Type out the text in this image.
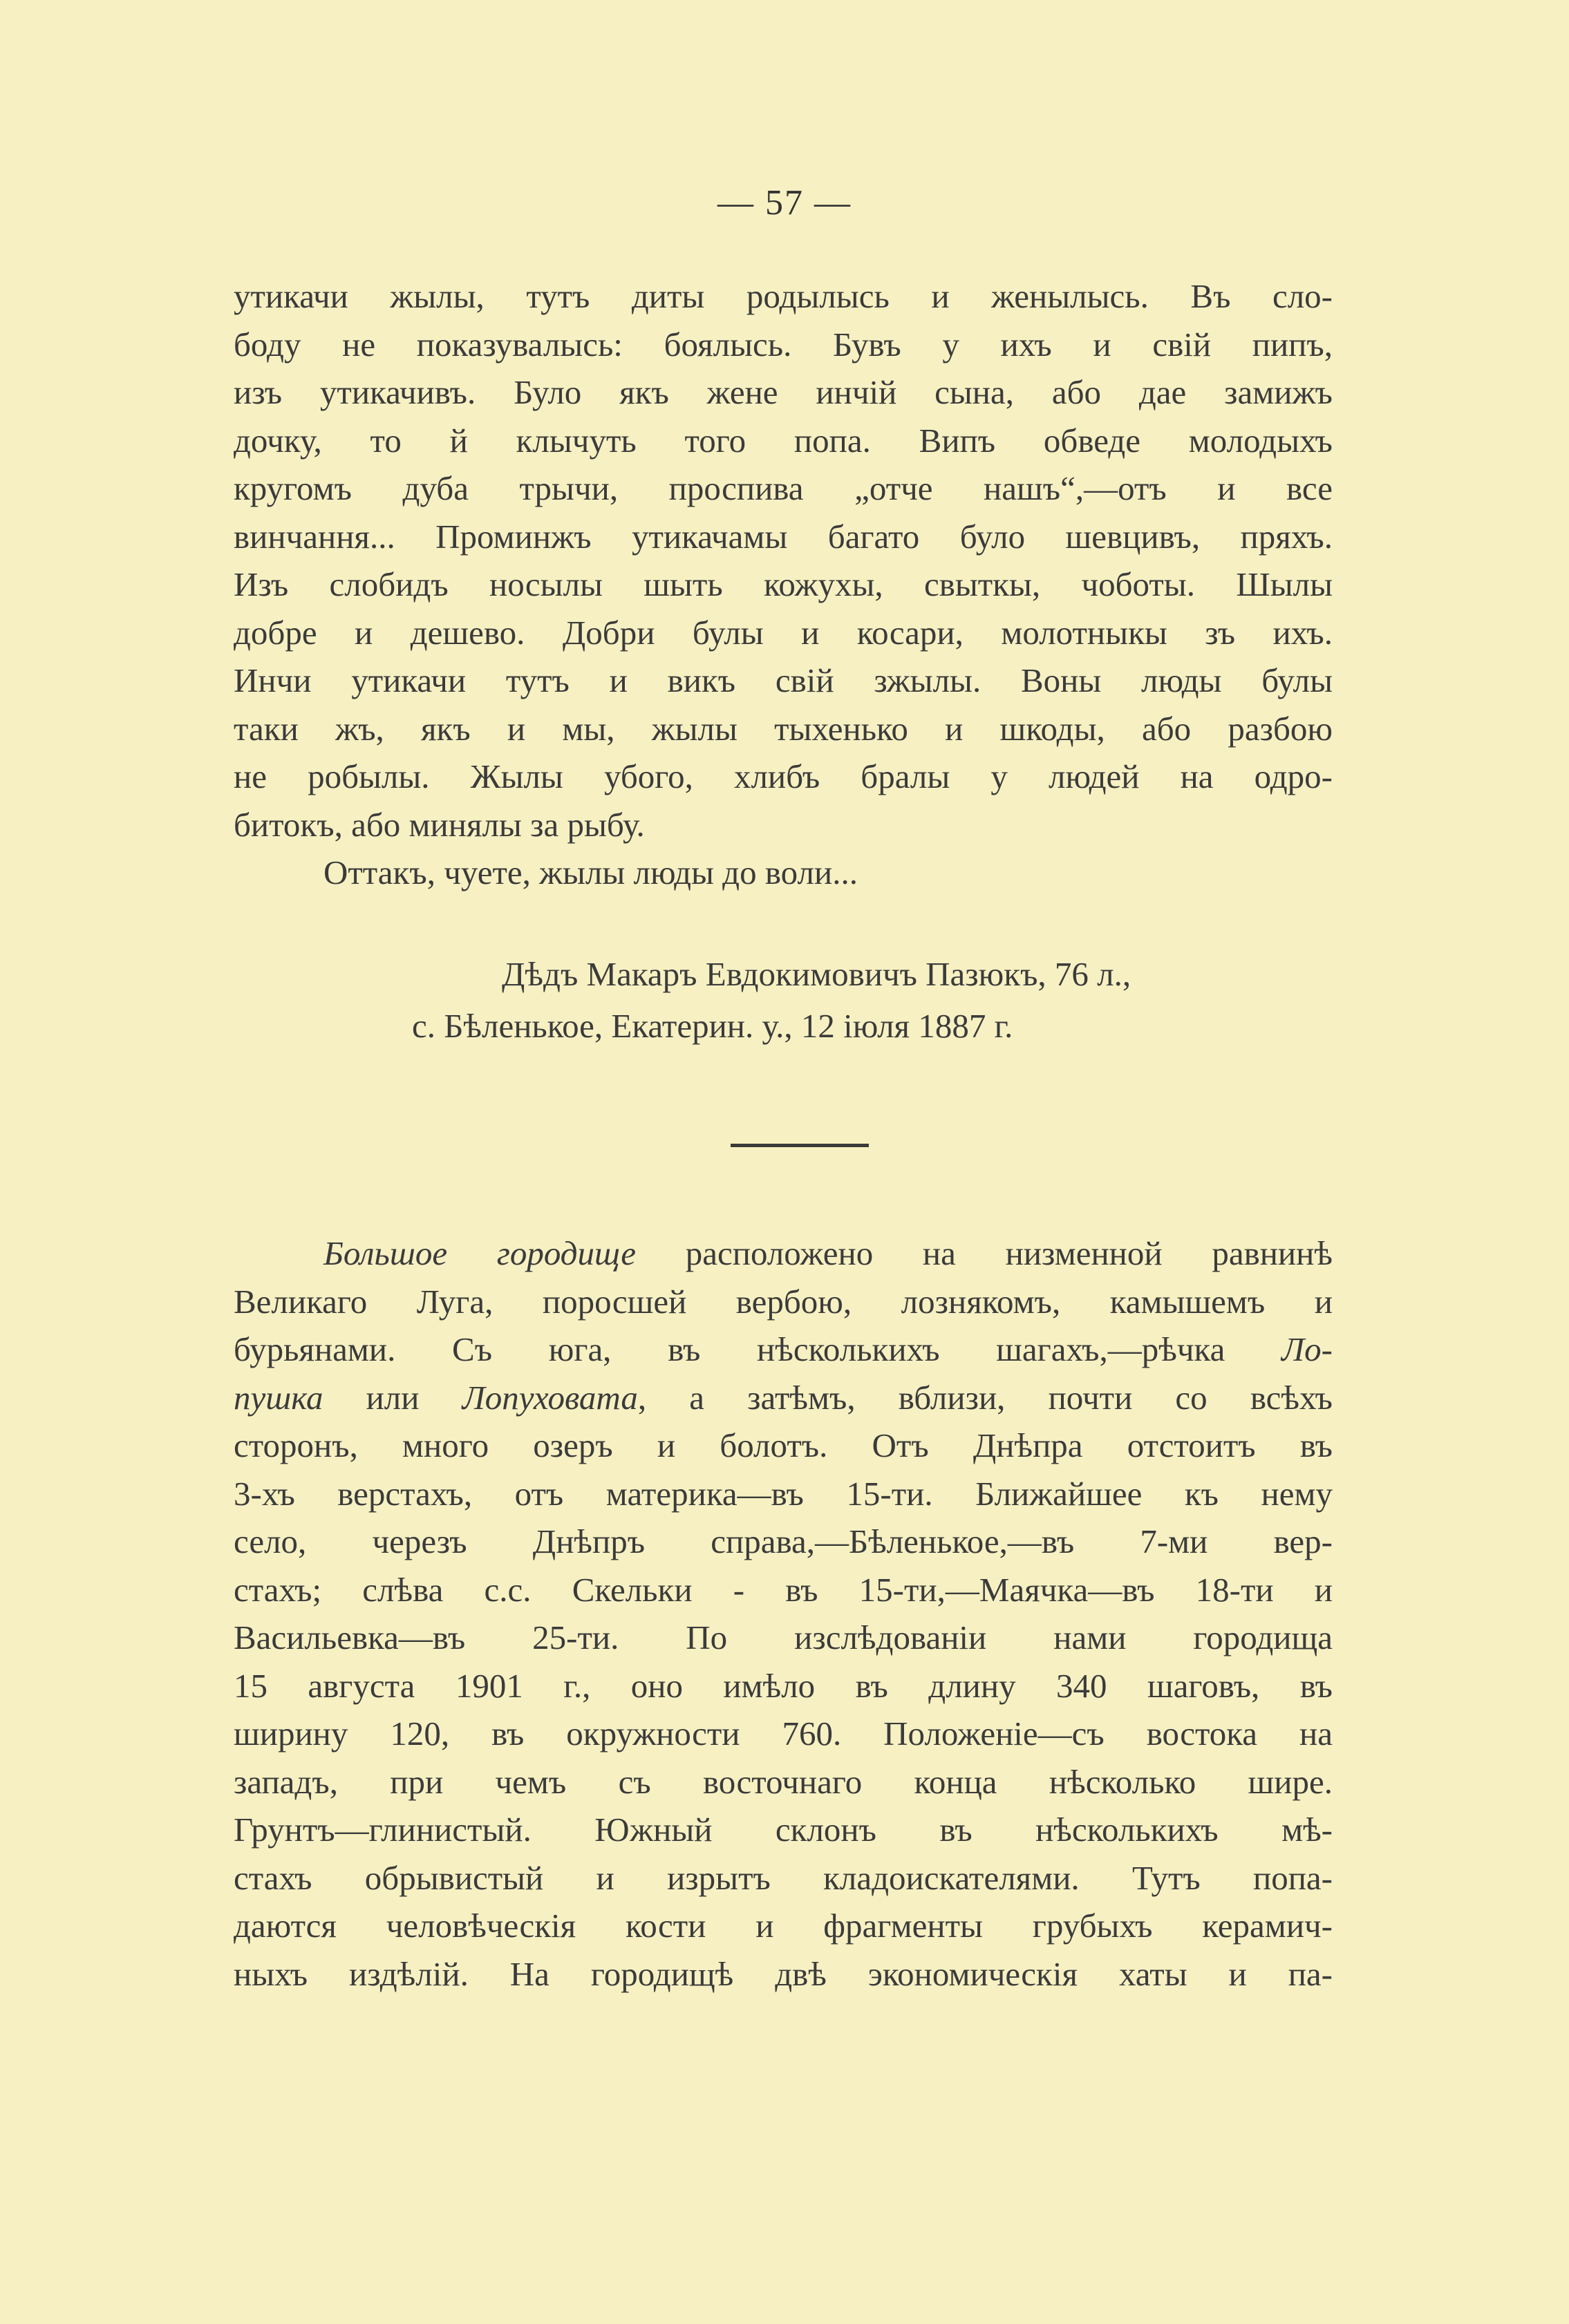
— 57 —
утикачи жылы, тутъ диты родылысь и женылысь. Въ сло-
боду не показувалысь: боялысь. Бувъ у ихъ и свій пипъ,
изъ утикачивъ. Було якъ жене инчій сына, або дае замижъ
дочку, то й клычуть того попа. Випъ обведе молодыхъ
кругомъ дуба трычи, проспива „отче нашъ“,—отъ и все
винчання... Проминжъ утикачамы багато було шевцивъ, пряхъ.
Изъ слобидъ носылы шыть кожухы, свыткы, чоботы. Шылы
добре и дешево. Добри булы и косари, молотныкы зъ ихъ.
Инчи утикачи тутъ и викъ свій зжылы. Воны люды булы
таки жъ, якъ и мы, жылы тыхенько и шкоды, або разбою
не робылы. Жылы убого, хлибъ бралы у людей на одро-
битокъ, або минялы за рыбу.
Оттакъ, чуете, жылы люды до воли...
Дѣдъ Макаръ Евдокимовичъ Пазюкъ, 76 л.,
с. Бѣленькое, Екатерин. у., 12 іюля 1887 г.
Большое городище расположено на низменной равнинѣ
Великаго Луга, поросшей вербою, лознякомъ, камышемъ и
бурьянами. Съ юга, въ нѣсколькихъ шагахъ,—рѣчка Ло-
пушка или Лопуховата, а затѣмъ, вблизи, почти со всѣхъ
сторонъ, много озеръ и болотъ. Отъ Днѣпра отстоитъ въ
3-хъ верстахъ, отъ материка—въ 15-ти. Ближайшее къ нему
село, черезъ Днѣпръ справа,—Бѣленькое,—въ 7-ми вер-
стахъ; слѣва с.с. Скельки - въ 15-ти,—Маячка—въ 18-ти и
Васильевка—въ 25-ти. По изслѣдованіи нами городища
15 августа 1901 г., оно имѣло въ длину 340 шаговъ, въ
ширину 120, въ окружности 760. Положеніе—съ востока на
западъ, при чемъ съ восточнаго конца нѣсколько шире.
Грунтъ—глинистый. Южный склонъ въ нѣсколькихъ мѣ-
стахъ обрывистый и изрытъ кладоискателями. Тутъ попа-
даются человѣческія кости и фрагменты грубыхъ керамич-
ныхъ издѣлій. На городищѣ двѣ экономическія хаты и па-
